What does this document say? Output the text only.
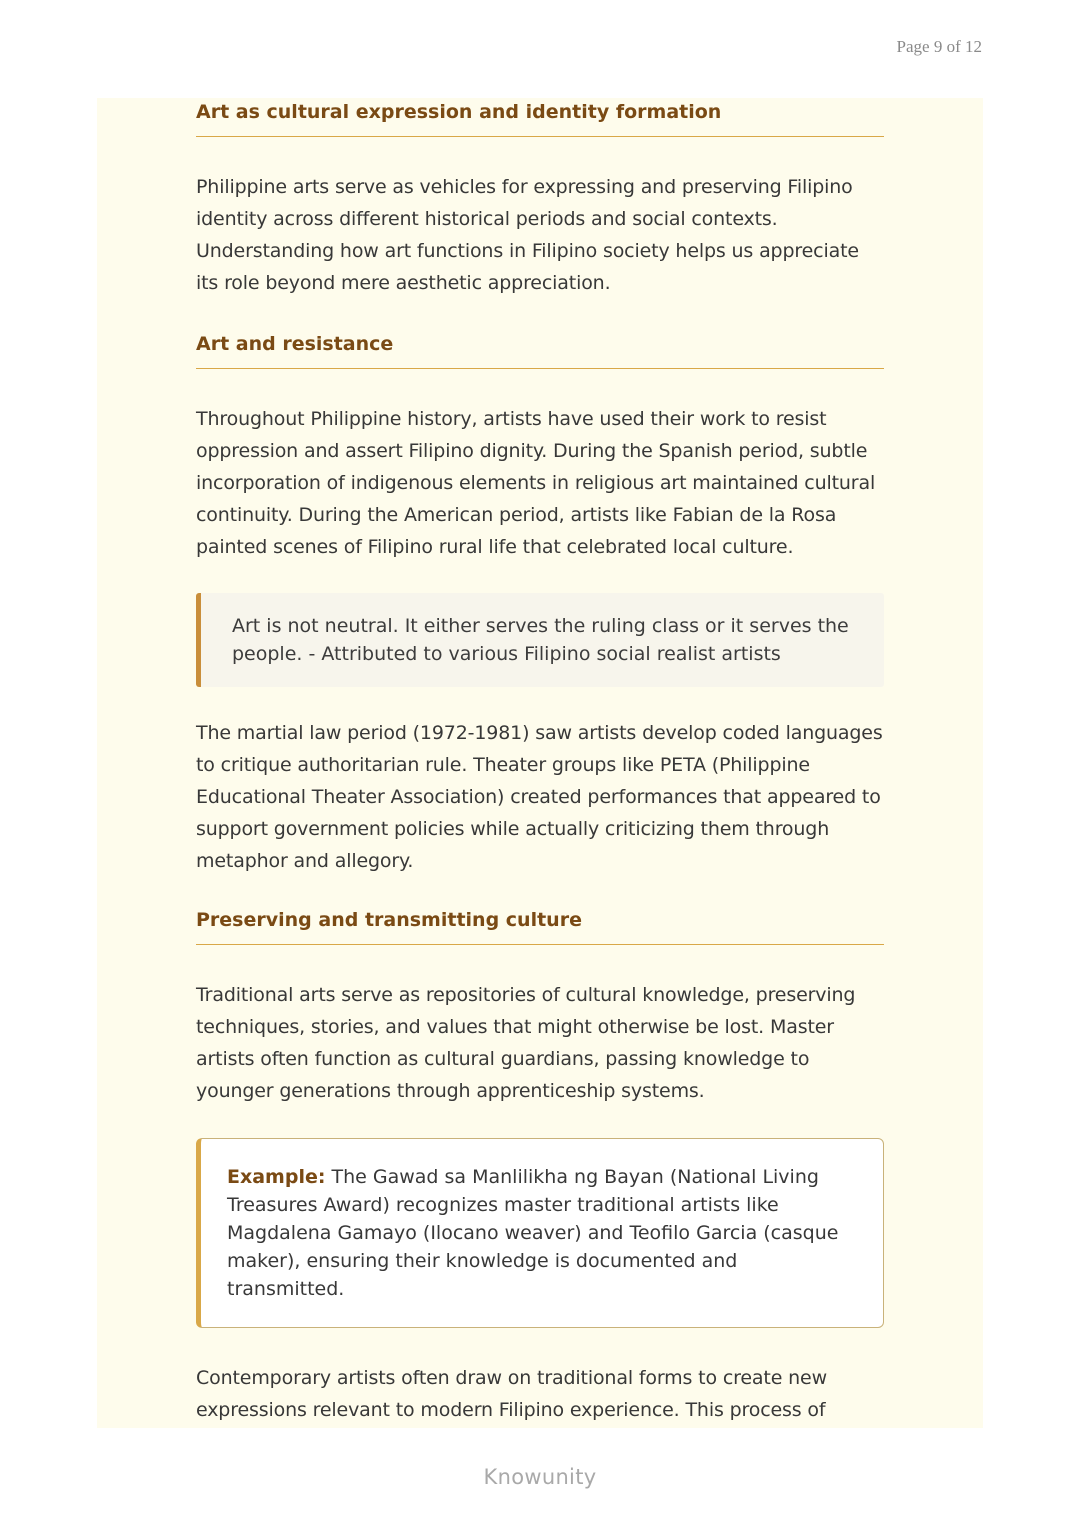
Page 9 of 12
Art as cultural expression and identity formation

Philippine arts serve as vehicles for expressing and preserving Filipino identity across different historical periods and social contexts. Understanding how art functions in Filipino society helps us appreciate its role beyond mere aesthetic appreciation.

Art and resistance

Throughout Philippine history, artists have used their work to resist oppression and assert Filipino dignity. During the Spanish period, subtle incorporation of indigenous elements in religious art maintained cultural continuity. During the American period, artists like Fabian de la Rosa painted scenes of Filipino rural life that celebrated local culture.

Art is not neutral. It either serves the ruling class or it serves the people. - Attributed to various Filipino social realist artists

The martial law period (1972-1981) saw artists develop coded languages to critique authoritarian rule. Theater groups like PETA (Philippine Educational Theater Association) created performances that appeared to support government policies while actually criticizing them through metaphor and allegory.

Preserving and transmitting culture

Traditional arts serve as repositories of cultural knowledge, preserving techniques, stories, and values that might otherwise be lost. Master artists often function as cultural guardians, passing knowledge to younger generations through apprenticeship systems.

Example: The Gawad sa Manlilikha ng Bayan (National Living Treasures Award) recognizes master traditional artists like Magdalena Gamayo (Ilocano weaver) and Teofilo Garcia (casque maker), ensuring their knowledge is documented and transmitted.

Contemporary artists often draw on traditional forms to create new expressions relevant to modern Filipino experience. This process of

Knowunity
